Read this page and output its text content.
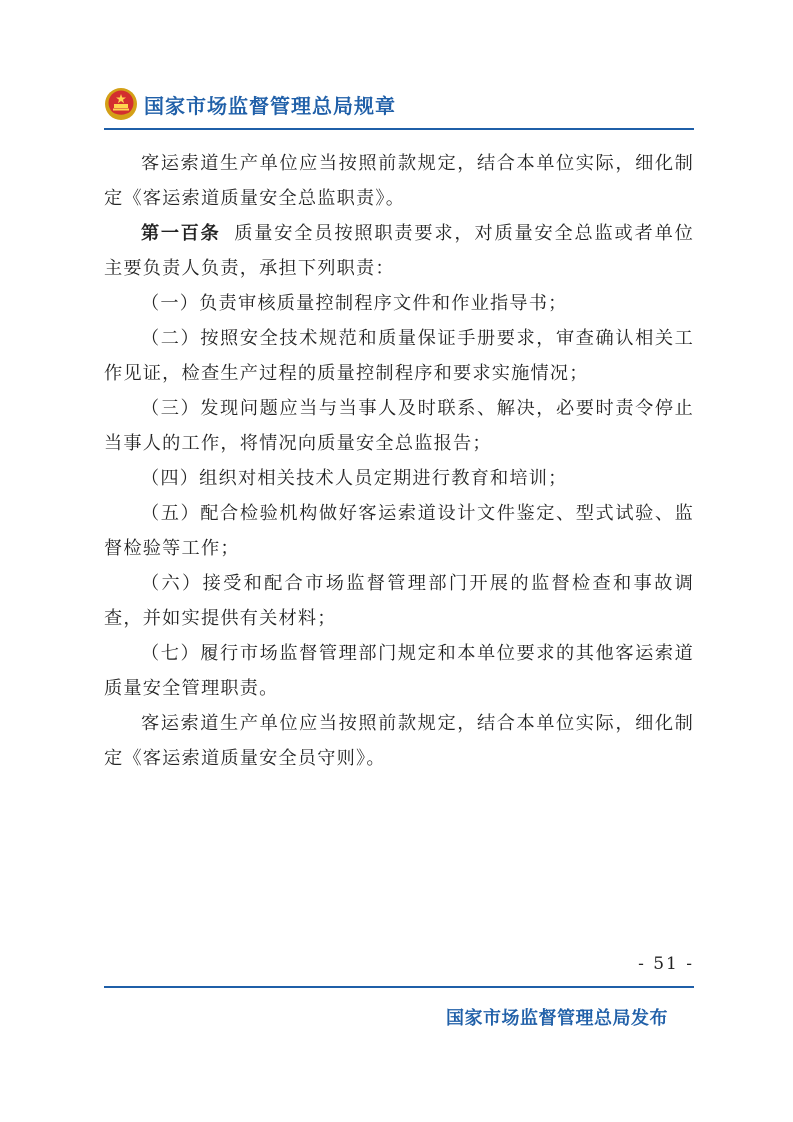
国家市场监督管理总局规章

客运索道生产单位应当按照前款规定，结合本单位实际，细化制定《客运索道质量安全总监职责》。

第一百条 质量安全员按照职责要求，对质量安全总监或者单位主要负责人负责，承担下列职责：

（一）负责审核质量控制程序文件和作业指导书；

（二）按照安全技术规范和质量保证手册要求，审查确认相关工作见证，检查生产过程的质量控制程序和要求实施情况；

（三）发现问题应当与当事人及时联系、解决，必要时责令停止当事人的工作，将情况向质量安全总监报告；

（四）组织对相关技术人员定期进行教育和培训；

（五）配合检验机构做好客运索道设计文件鉴定、型式试验、监督检验等工作；

（六）接受和配合市场监督管理部门开展的监督检查和事故调查，并如实提供有关材料；

（七）履行市场监督管理部门规定和本单位要求的其他客运索道质量安全管理职责。

客运索道生产单位应当按照前款规定，结合本单位实际，细化制定《客运索道质量安全员守则》。

- 51 -
国家市场监督管理总局发布
